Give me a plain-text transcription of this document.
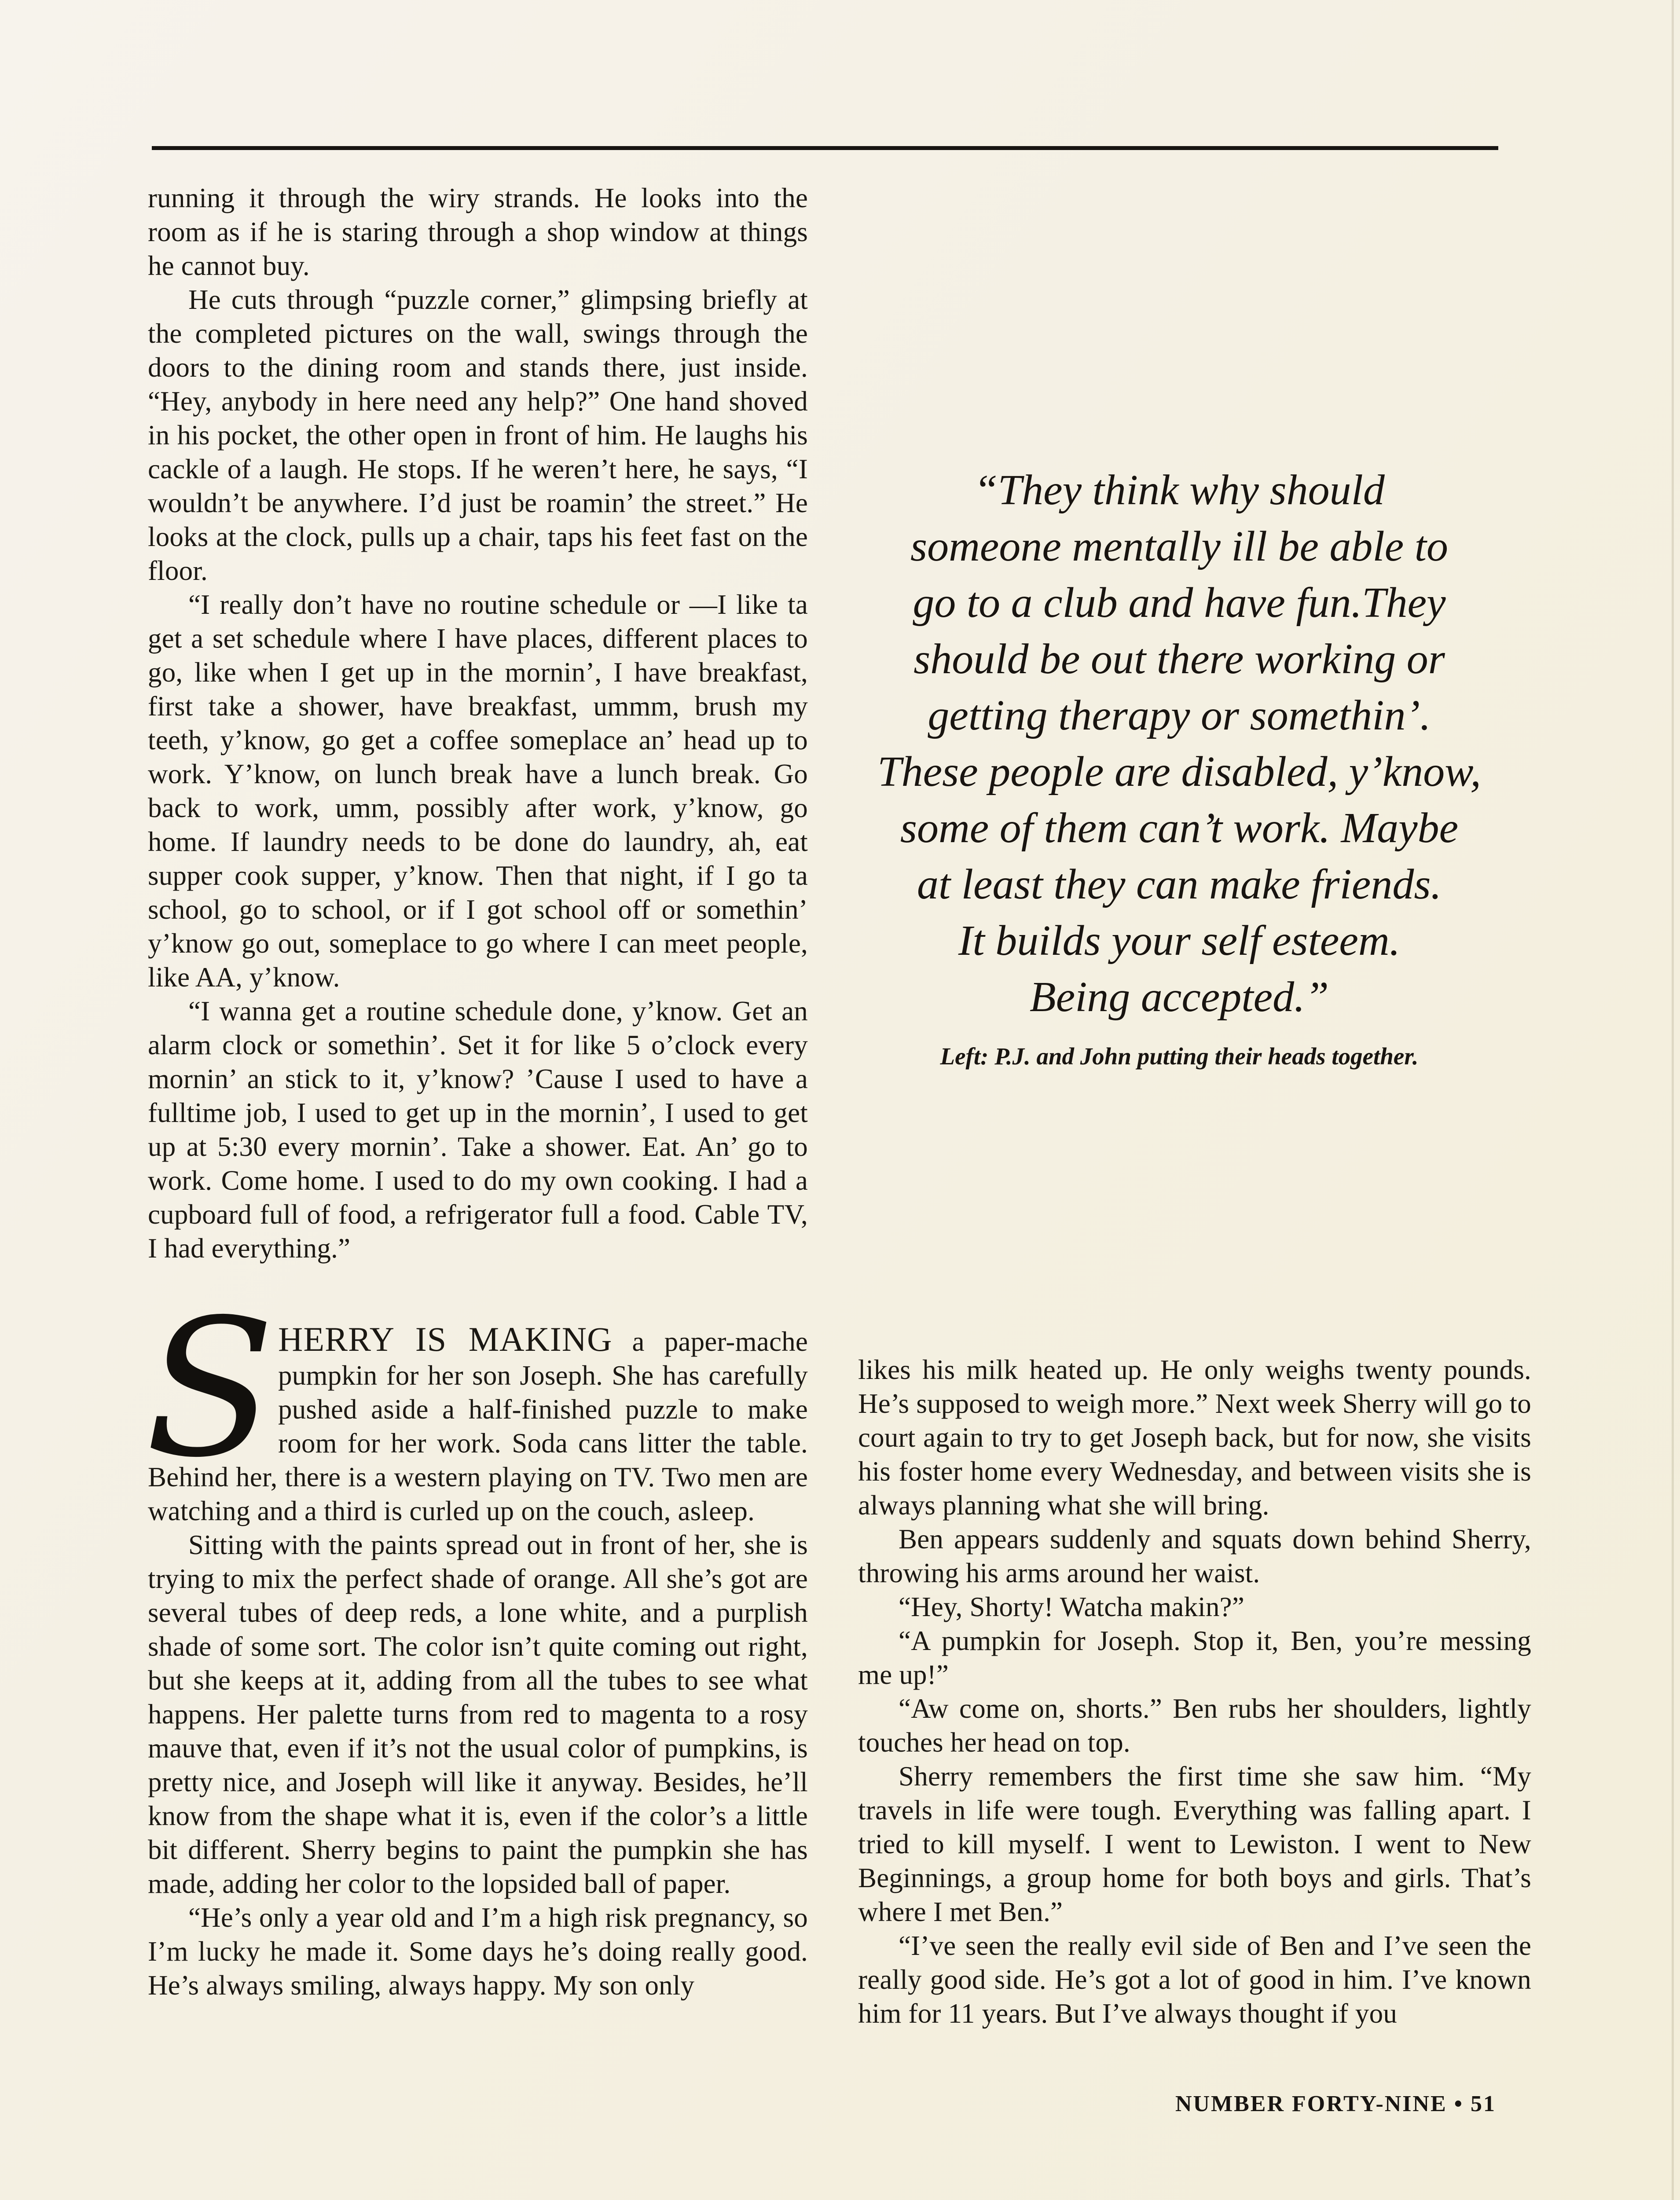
running it through the wiry strands. He looks into the room as if he is staring through a shop window at things he cannot buy.

He cuts through “puzzle corner,” glimpsing briefly at the completed pictures on the wall, swings through the doors to the dining room and stands there, just inside. “Hey, anybody in here need any help?” One hand shoved in his pocket, the other open in front of him. He laughs his cackle of a laugh. He stops. If he weren’t here, he says, “I wouldn’t be anywhere. I’d just be roamin’ the street.” He looks at the clock, pulls up a chair, taps his feet fast on the floor.

“I really don’t have no routine schedule or —I like ta get a set schedule where I have places, different places to go, like when I get up in the mornin’, I have breakfast, first take a shower, have breakfast, ummm, brush my teeth, y’know, go get a coffee someplace an’ head up to work. Y’know, on lunch break have a lunch break. Go back to work, umm, possibly after work, y’know, go home. If laundry needs to be done do laundry, ah, eat supper cook supper, y’know. Then that night, if I go ta school, go to school, or if I got school off or somethin’ y’know go out, someplace to go where I can meet people, like AA, y’know.

“I wanna get a routine schedule done, y’know. Get an alarm clock or somethin’. Set it for like 5 o’clock every mornin’ an stick to it, y’know? ’Cause I used to have a fulltime job, I used to get up in the mornin’, I used to get up at 5:30 every mornin’. Take a shower. Eat. An’ go to work. Come home. I used to do my own cooking. I had a cupboard full of food, a refrigerator full a food. Cable TV, I had everything.”

“They think why should
someone mentally ill be able to
go to a club and have fun.They
should be out there working or
getting therapy or somethin’.
These people are disabled, y’know,
some of them can’t work. Maybe
at least they can make friends.
It builds your self esteem.
Being accepted.”
Left: P.J. and John putting their heads together.

SHERRY IS MAKING a paper-mache pumpkin for her son Joseph. She has carefully pushed aside a half-finished puzzle to make room for her work. Soda cans litter the table. Behind her, there is a western playing on TV. Two men are watching and a third is curled up on the couch, asleep.

Sitting with the paints spread out in front of her, she is trying to mix the perfect shade of orange. All she’s got are several tubes of deep reds, a lone white, and a purplish shade of some sort. The color isn’t quite coming out right, but she keeps at it, adding from all the tubes to see what happens. Her palette turns from red to magenta to a rosy mauve that, even if it’s not the usual color of pumpkins, is pretty nice, and Joseph will like it anyway. Besides, he’ll know from the shape what it is, even if the color’s a little bit different. Sherry begins to paint the pumpkin she has made, adding her color to the lopsided ball of paper.

“He’s only a year old and I’m a high risk pregnancy, so I’m lucky he made it. Some days he’s doing really good. He’s always smiling, always happy. My son only

likes his milk heated up. He only weighs twenty pounds. He’s supposed to weigh more.” Next week Sherry will go to court again to try to get Joseph back, but for now, she visits his foster home every Wednesday, and between visits she is always planning what she will bring.

Ben appears suddenly and squats down behind Sherry, throwing his arms around her waist.

“Hey, Shorty! Watcha makin?”

“A pumpkin for Joseph. Stop it, Ben, you’re messing me up!”

“Aw come on, shorts.” Ben rubs her shoulders, lightly touches her head on top.

Sherry remembers the first time she saw him. “My travels in life were tough. Everything was falling apart. I tried to kill myself. I went to Lewiston. I went to New Beginnings, a group home for both boys and girls. That’s where I met Ben.”

“I’ve seen the really evil side of Ben and I’ve seen the really good side. He’s got a lot of good in him. I’ve known him for 11 years. But I’ve always thought if you

NUMBER FORTY-NINE • 51
